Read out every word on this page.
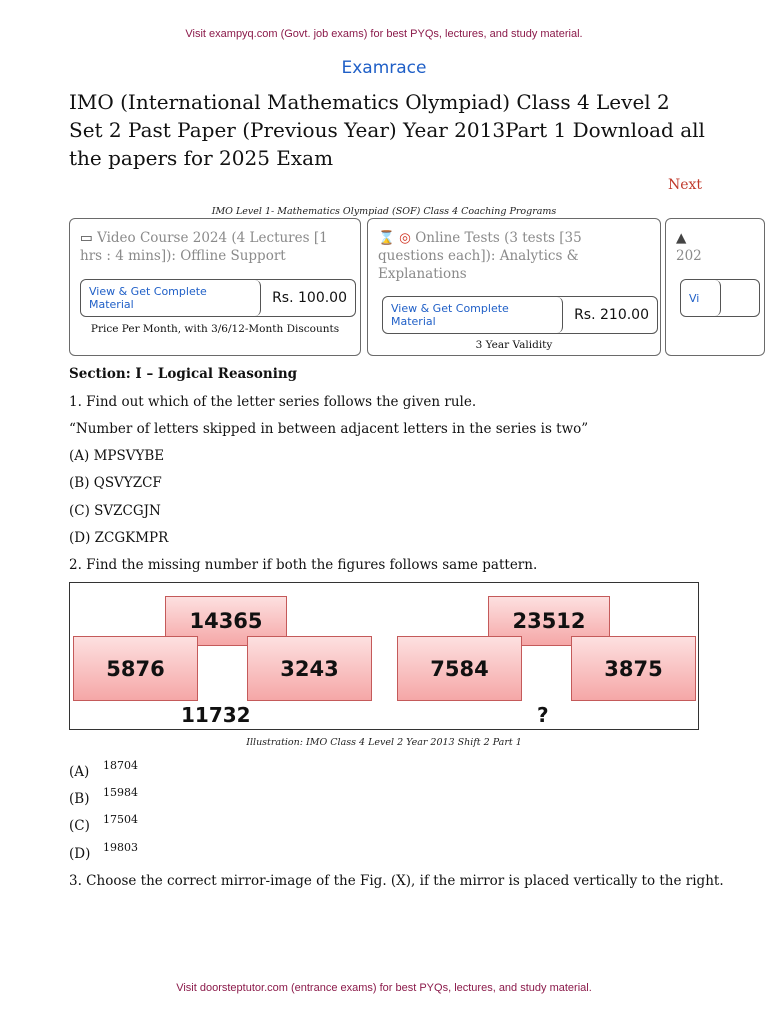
Visit exampyq.com (Govt. job exams) for best PYQs, lectures, and study material.
Examrace
IMO (International Mathematics Olympiad) Class 4 Level 2 Set 2 Past Paper (Previous Year) Year 2013Part 1 Download all the papers for 2025 Exam
Next
IMO Level 1- Mathematics Olympiad (SOF) Class 4 Coaching Programs
▭ Video Course 2024 (4 Lectures [1 hrs : 4 mins]): Offline Support
View & Get Complete Material	Rs. 100.00
Price Per Month, with 3/6/12-Month Discounts
⌛ ◎ Online Tests (3 tests [35 questions each]): Analytics & Explanations
View & Get Complete Material	Rs. 210.00
3 Year Validity
▲
202
Vi
Section: I – Logical Reasoning
1. Find out which of the letter series follows the given rule.
“Number of letters skipped in between adjacent letters in the series is two”
(A) MPSVYBE
(B) QSVYZCF
(C) SVZCGJN
(D) ZCGKMPR
2. Find the missing number if both the figures follows same pattern.
14365
5876	3243
11732
23512
7584	3875
?
Illustration: IMO Class 4 Level 2 Year 2013 Shift 2 Part 1
(A) 18704
(B) 15984
(C) 17504
(D) 19803
3. Choose the correct mirror-image of the Fig. (X), if the mirror is placed vertically to the right.
Visit doorsteptutor.com (entrance exams) for best PYQs, lectures, and study material.
